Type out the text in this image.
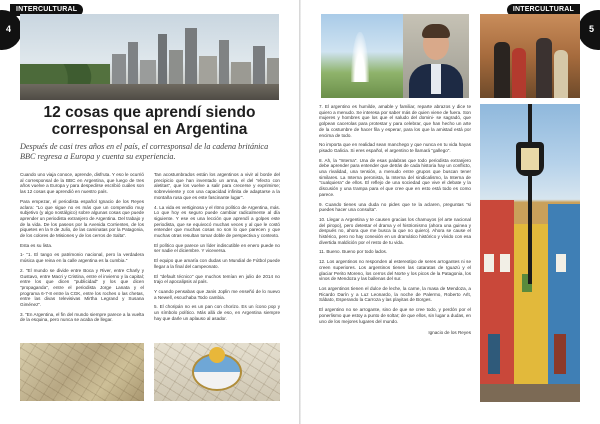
4
INTERCULTURAL
12 cosas que aprendí siendo corresponsal en Argentina
Después de casi tres años en el país, el corresponsal de la cadena británica BBC regresa a Europa y cuenta su experiencia.

Cuando uno viaja conoce, aprende, disfruta. Y eso le ocurrió al corresponsal de la BBC en Argentina, que luego de tres años vuelve a Europa y para despedirse escribió cuáles son las 12 cosas que aprendió en nuestro país.

Para empezar, el periodista español Ignacio de los Reyes aclara: "Lo que sigue no es más que un compendio muy subjetivo (y algo nostálgico) sobre algunas cosas que puede aprender un periodista extranjero de Argentina. Del trabajo y de la vida. De los paseos por la Avenida Corrientes, de los piquetes en la 9 de Julio, de las caminatas por la Patagonia, de los colores de Misiones y de los cerros de Salta".

Esta es su lista.

1- "1. El tango es patrimonio nacional, pero la verdadera música que reina en la calle argentina es la cumbia."

2. "El mundo se divide entre Boca y River, entre Charly y Gustavo, entre Macri y Cristina, entre el invierno y la capital; entre los que dicen "publicidad" y los que dicen "propaganda", entre el periodista Jorge Lanata y el programa 6-7-8 entre la CGK, entre los roches o las chetas, entre las divas televisivas Mirtha Legrand y Susana Giménez".

3. "En Argentina, el fin del mundo siempre parece a la vuelta de la esquina, pero nunca se acaba de llegar.

Tan acostumbrados están los argentinos a vivir al borde del precipicio que han inventado un arma, el del "efecto con aletitas", que los vuelve a salir para crecerse y exprimirse; sobreviviente y con una capacidad infinita de adaptarse a la montaña rusa que es este fascinante lugar".

4. La vida es vertiginosa y el ritmo político de Argentina, más. Lo que hoy es seguro puede cambiar radicalmente al día siguiente. Y ese es una lección que aprendí a golpes este periodista, que se equivocó muchas veces y al que le costó entender que muchas cosas no son lo que parecen y que muchas otras resultan tomar doble de perspectiva y contexto.

El político que parece un líder indiscutible en enero puede no ser nadie el diciembre. Y viceversa.

El equipo que amaría con dudas un Mundial de Fútbol puede llegar a la final del campeonato.

El "default técnico" que muchos temían en julio de 2014 no trajo el apocalipsis al país.

Y cuando pensabas que Janis Joplin me enseñó de lo nuevo a Newell, escuchaba Todo cambia.

5. El choripán no es un pan con chorizo. Es un ícono pop y un símbolo político. Más allá de eso, en Argentina siempre hay que darle un aplauso al asador.

5
INTERCULTURAL

7. El argentino es humilde, amable y familiar, repartе abrazos y dice te quiero a menudo. Se interesa por saber más de quien viene de fuera. Son mujeres y hombres que los que el saludo del domini- se sagradó, que golpean cacerolas para protestar y para celebrar, que han hecho un arte de la costumbre de hacer fila y esperar, para los que la amistad está por encima de todo.

No importa que en realidad sean manchego y que nunca en tu vida hayas pisado Galicia. Si eres español, el argentino te llamará "gallego".

8. Ah, la "Internа". Una de esas palabras que todo periodista extranjero debe aprender para entender que detrás de cada historia hay un conflicto, una rivalidad, una tensión, a menudo entre grupos que buscan tener similares. La Interna peronista, la Interna del sindicalismo, la Interna de "cualquiera" de ellos. El reflejo de una sociedad que vive el debate y la discusión y una trampa para el que cree que en esto está todo es como parece.

9. Cuando tienes una duda no pides que te la aclaren, preguntas "si puedes hacer una consulta".

10. Llegar a Argentina y te causen gracias los chamuyos (el arte nacional del piropo), pero detestar el drama y el histrionismo (ahora una guinea y después no, ahora que me busca la que no quiero). Ahora se cause el histérico, pero no hay conexión en un dramático histórico y vívido con esa divertida maldición por el resto de tu vida.

11. Bueno. Bueno por todo lados.

12. Los argentinos no responden al estereotipo de seres arrogantes ni se creen superiores. Los argentinos tienen las cataratas de Iguazú y el glaciar Perito Moreno, los cerros del Norte y los picos de la Patagonia, los vinos de Mendoza y las ballenas del sur.

Los argentinos tienen el dulce de leche, la carne, la masa de Mendoza, a Ricardo Darín y a Luz Leonardo, la noche de Palermo, Roberto Arlt, Sábato, Esperando la Carroza y las playitas de Borges.

El argentino no se arrogante, sino de que se cree todo, y perdón por el ponerlismo que estoy a punto de soltar; de que ellos, sin lugar a dudas, en uno de los mejores lugares del mundo.

Ignacio de los Reyes
